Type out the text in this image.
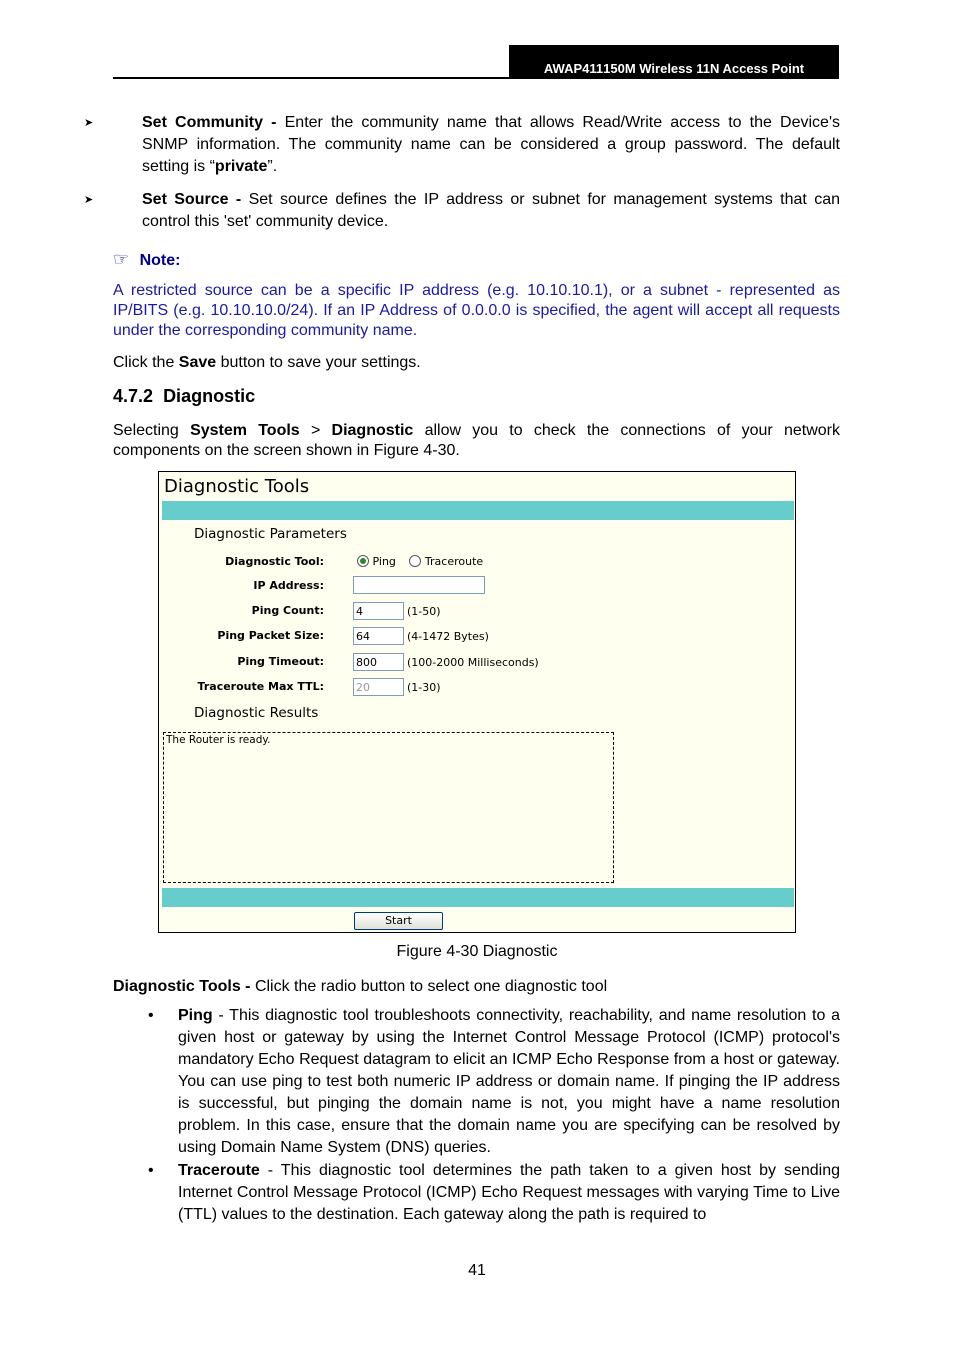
AWAP411 150M Wireless 11N Access Point
➤	Set Community - Enter the community name that allows Read/Write access to the Device's SNMP information. The community name can be considered a group password. The default setting is “private”.
➤	Set Source - Set source defines the IP address or subnet for management systems that can control this 'set' community device.
☞ Note:
A restricted source can be a specific IP address (e.g. 10.10.10.1), or a subnet - represented as IP/BITS (e.g. 10.10.10.0/24). If an IP Address of 0.0.0.0 is specified, the agent will accept all requests under the corresponding community name.
Click the Save button to save your settings.
4.7.2 Diagnostic
Selecting System Tools > Diagnostic allow you to check the connections of your network components on the screen shown in Figure 4-30.
Diagnostic Tools
Diagnostic Parameters
Diagnostic Tool:	Ping	Traceroute
IP Address:
Ping Count:	4	(1-50)
Ping Packet Size:	64	(4-1472 Bytes)
Ping Timeout:	800	(100-2000 Milliseconds)
Traceroute Max TTL:	20	(1-30)
Diagnostic Results
The Router is ready.
Start
Figure 4-30 Diagnostic
Diagnostic Tools - Click the radio button to select one diagnostic tool
• Ping - This diagnostic tool troubleshoots connectivity, reachability, and name resolution to a given host or gateway by using the Internet Control Message Protocol (ICMP) protocol's mandatory Echo Request datagram to elicit an ICMP Echo Response from a host or gateway. You can use ping to test both numeric IP address or domain name. If pinging the IP address is successful, but pinging the domain name is not, you might have a name resolution problem. In this case, ensure that the domain name you are specifying can be resolved by using Domain Name System (DNS) queries.
• Traceroute - This diagnostic tool determines the path taken to a given host by sending Internet Control Message Protocol (ICMP) Echo Request messages with varying Time to Live (TTL) values to the destination. Each gateway along the path is required to
41
